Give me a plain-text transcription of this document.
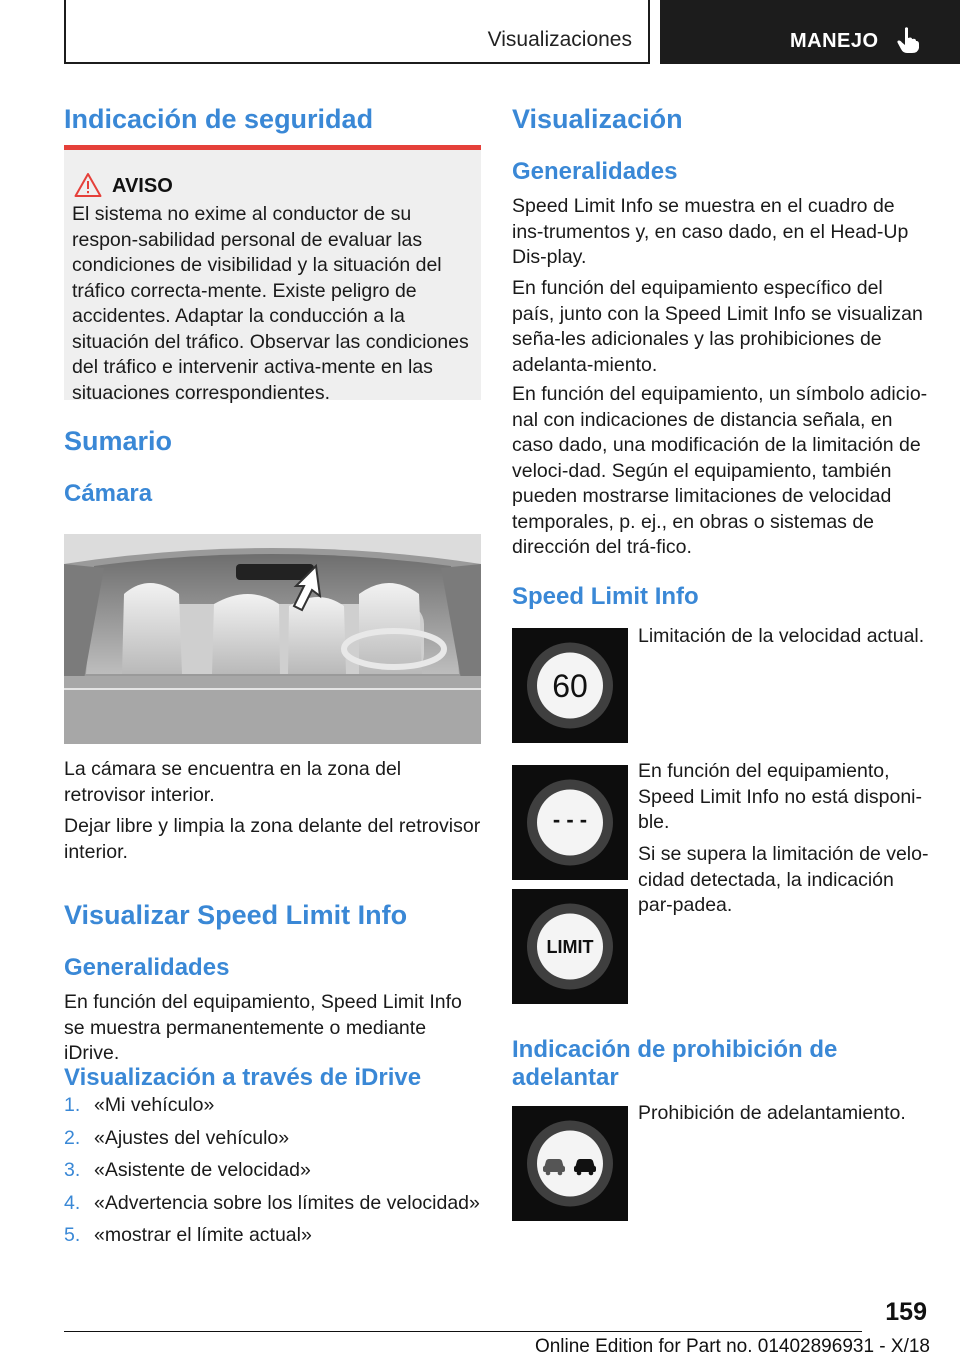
Visualizaciones	MANEJO
Indicación de seguridad
AVISO
El sistema no exime al conductor de su respon-sabilidad personal de evaluar las condiciones de visibilidad y la situación del tráfico correcta-mente. Existe peligro de accidentes. Adaptar la conducción a la situación del tráfico. Observar las condiciones del tráfico e intervenir activa-mente en las situaciones correspondientes.
Sumario
Cámara
La cámara se encuentra en la zona del retrovisor interior.
Dejar libre y limpia la zona delante del retrovisor interior.
Visualizar Speed Limit Info
Generalidades
En función del equipamiento, Speed Limit Info se muestra permanentemente o mediante iDrive.
Visualización a través de iDrive
1. «Mi vehículo»
2. «Ajustes del vehículo»
3. «Asistente de velocidad»
4. «Advertencia sobre los límites de velocidad»
5. «mostrar el límite actual»
Visualización
Generalidades
Speed Limit Info se muestra en el cuadro de ins-trumentos y, en caso dado, en el Head-Up Dis-play.
En función del equipamiento específico del país, junto con la Speed Limit Info se visualizan seña-les adicionales y las prohibiciones de adelanta-miento.
En función del equipamiento, un símbolo adicio-nal con indicaciones de distancia señala, en caso dado, una modificación de la limitación de veloci-dad. Según el equipamiento, también pueden mostrarse limitaciones de velocidad temporales, p. ej., en obras o sistemas de dirección del trá-fico.
Speed Limit Info
60
Limitación de la velocidad actual.
- - -
En función del equipamiento, Speed Limit Info no está disponi-ble.
Si se supera la limitación de velo-cidad detectada, la indicación par-padea.
LIMIT
Indicación de prohibición de adelantar
Prohibición de adelantamiento.
159
Online Edition for Part no. 01402896931 - X/18
